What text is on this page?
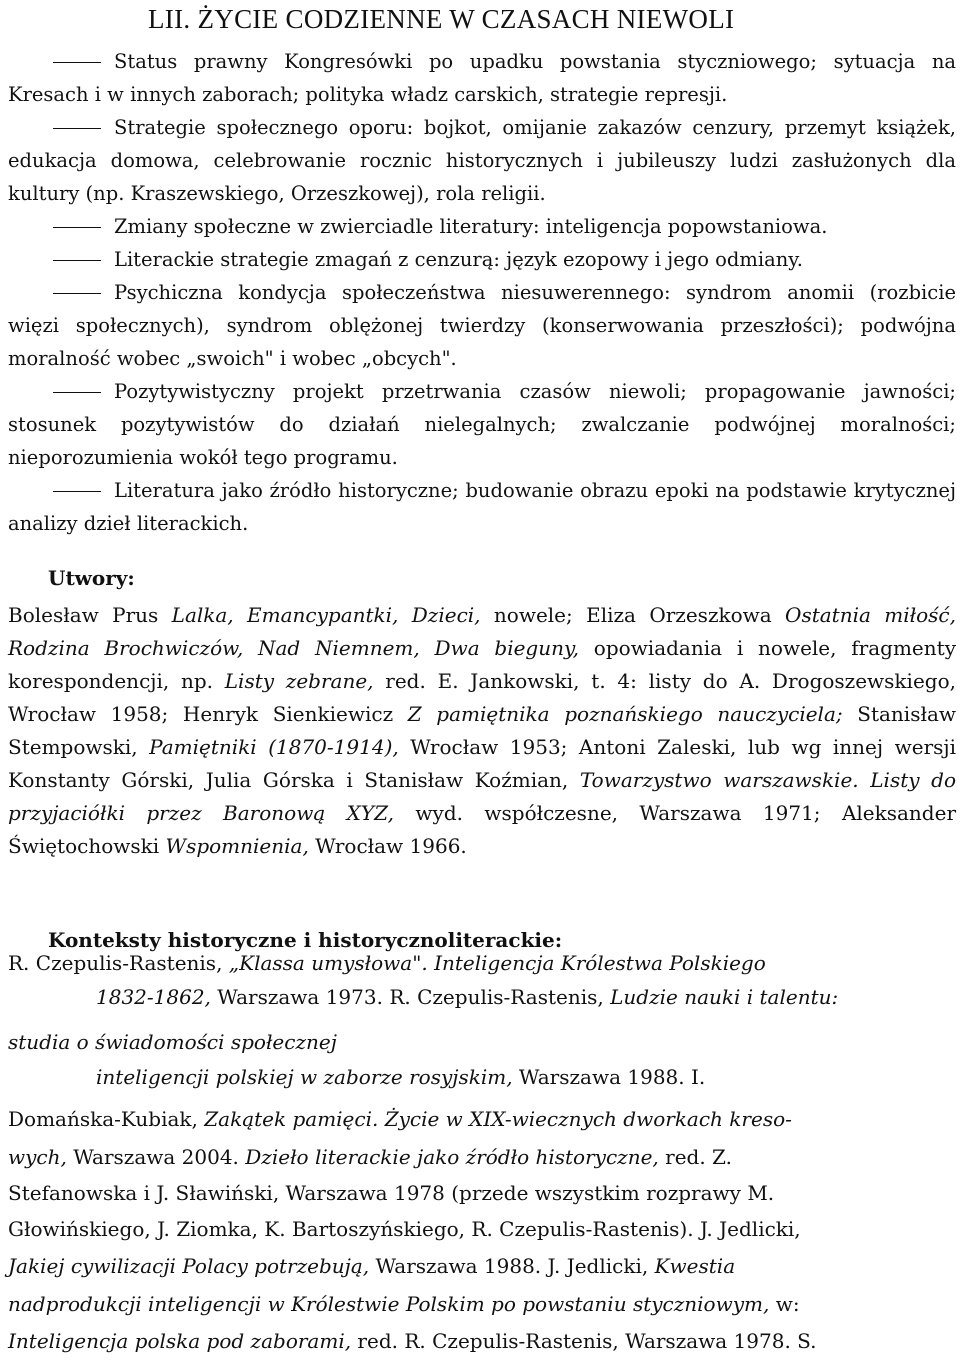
LII. ŻYCIE CODZIENNE W CZASACH NIEWOLI

Status prawny Kongresówki po upadku powstania styczniowego; sytuacja na Kresach i w innych zaborach; polityka władz carskich, strategie represji.

Strategie społecznego oporu: bojkot, omijanie zakazów cenzury, przemyt książek, edukacja domowa, celebrowanie rocznic historycznych i jubileuszy ludzi zasłużonych dla kultury (np. Kraszewskiego, Orzeszkowej), rola religii.

Zmiany społeczne w zwierciadle literatury: inteligencja popowstaniowa.

Literackie strategie zmagań z cenzurą: język ezopowy i jego odmiany.

Psychiczna kondycja społeczeństwa niesuwerennego: syndrom anomii (rozbicie więzi społecznych), syndrom oblężonej twierdzy (konserwowania przeszłości); podwójna moralność wobec „swoich" i wobec „obcych".

Pozytywistyczny projekt przetrwania czasów niewoli; propagowanie jawności; stosunek pozytywistów do działań nielegalnych; zwalczanie podwójnej moralności; nieporozumienia wokół tego programu.

Literatura jako źródło historyczne; budowanie obrazu epoki na podstawie krytycznej analizy dzieł literackich.

Utwory:

Bolesław Prus Lalka, Emancypantki, Dzieci, nowele; Eliza Orzeszkowa Ostatnia miłość, Rodzina Brochwiczów, Nad Niemnem, Dwa bieguny, opowiadania i nowele, fragmenty korespondencji, np. Listy zebrane, red. E. Jankowski, t. 4: listy do A. Drogoszewskiego, Wrocław 1958; Henryk Sienkiewicz Z pamiętnika poznańskiego nauczyciela; Stanisław Stempowski, Pamiętniki (1870-1914), Wrocław 1953; Antoni Zaleski, lub wg innej wersji Konstanty Górski, Julia Górska i Stanisław Koźmian, Towarzystwo warszawskie. Listy do przyjaciółki przez Baronową XYZ, wyd. współczesne, Warszawa 1971; Aleksander Świętochowski Wspomnienia, Wrocław 1966.

Konteksty historyczne i historycznoliterackie:
R. Czepulis-Rastenis, „Klassa umysłowa". Inteligencja Królestwa Polskiego
1832-1862, Warszawa 1973. R. Czepulis-Rastenis, Ludzie nauki i talentu:
studia o świadomości społecznej
inteligencji polskiej w zaborze rosyjskim, Warszawa 1988. I.
Domańska-Kubiak, Zakątek pamięci. Życie w XIX-wiecznych dworkach kreso-
wych, Warszawa 2004. Dzieło literackie jako źródło historyczne, red. Z.
Stefanowska i J. Sławiński, Warszawa 1978 (przede wszystkim rozprawy M.
Głowińskiego, J. Ziomka, K. Bartoszyńskiego, R. Czepulis-Rastenis). J. Jedlicki,
Jakiej cywilizacji Polacy potrzebują, Warszawa 1988. J. Jedlicki, Kwestia
nadprodukcji inteligencji w Królestwie Polskim po powstaniu styczniowym, w:
Inteligencja polska pod zaborami, red. R. Czepulis-Rastenis, Warszawa 1978. S.
